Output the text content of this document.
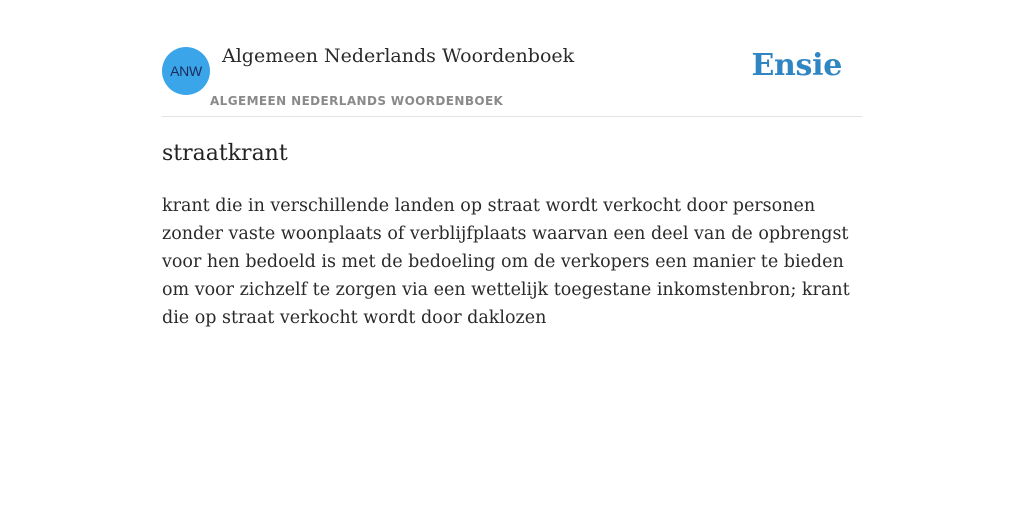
ANW
Algemeen Nederlands Woordenboek
ALGEMEEN NEDERLANDS WOORDENBOEK
Ensie
straatkrant

krant die in verschillende landen op straat wordt verkocht door personen zonder vaste woonplaats of verblijfplaats waarvan een deel van de opbrengst voor hen bedoeld is met de bedoeling om de verkopers een manier te bieden om voor zichzelf te zorgen via een wettelijk toegestane inkomstenbron; krant die op straat verkocht wordt door daklozen
